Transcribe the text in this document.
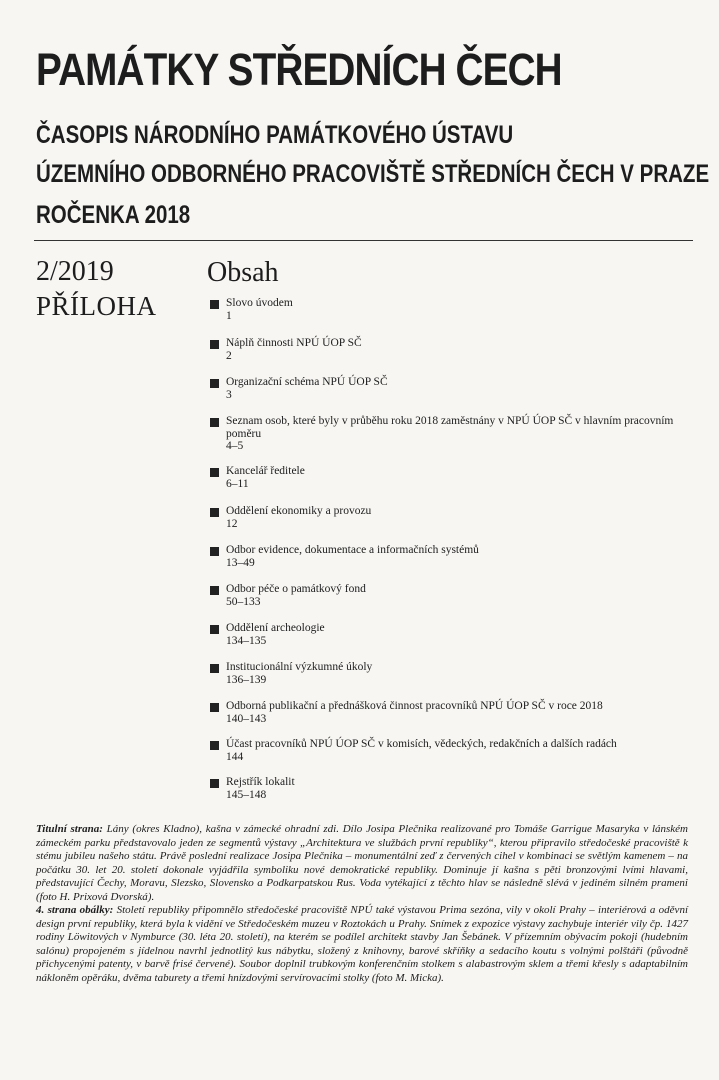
PAMÁTKY STŘEDNÍCH ČECH
ČASOPIS NÁRODNÍHO PAMÁTKOVÉHO ÚSTAVU
ÚZEMNÍHO ODBORNÉHO PRACOVIŠTĚ STŘEDNÍCH ČECH V PRAZE
ROČENKA 2018
2/2019
PŘÍLOHA
Obsah
Slovo úvodem
1
Náplň činnosti NPÚ ÚOP SČ
2
Organizační schéma NPÚ ÚOP SČ
3
Seznam osob, které byly v průběhu roku 2018 zaměstnány v NPÚ ÚOP SČ v hlavním pracovním poměru
4–5
Kancelář ředitele
6–11
Oddělení ekonomiky a provozu
12
Odbor evidence, dokumentace a informačních systémů
13–49
Odbor péče o památkový fond
50–133
Oddělení archeologie
134–135
Institucionální výzkumné úkoly
136–139
Odborná publikační a přednášková činnost pracovníků NPÚ ÚOP SČ v roce 2018
140–143
Účast pracovníků NPÚ ÚOP SČ v komisích, vědeckých, redakčních a dalších radách
144
Rejstřík lokalit
145–148

Titulní strana: Lány (okres Kladno), kašna v zámecké ohradní zdi. Dílo Josipa Plečnika realizované pro Tomáše Garrigue Masaryka v lánském zámeckém parku představovalo jeden ze segmentů výstavy „Architektura ve službách první republiky“, kterou připravilo středočeské pracoviště k stému jubileu našeho státu. Právě poslední realizace Josipa Plečnika – monumentální zeď z červených cihel v kombinaci se světlým kamenem – na počátku 30. let 20. století dokonale vyjádřila symboliku nové demokratické republiky. Dominuje jí kašna s pěti bronzovými lvími hlavami, představující Čechy, Moravu, Slezsko, Slovensko a Podkarpatskou Rus. Voda vytékající z těchto hlav se následně slévá v jediném silném prameni (foto H. Prixová Dvorská).

4. strana obálky: Století republiky připomnělo středočeské pracoviště NPÚ také výstavou Prima sezóna, vily v okolí Prahy – interiérová a oděvní design první republiky, která byla k vidění ve Středočeském muzeu v Roztokách u Prahy. Snímek z expozice výstavy zachybuje interiér vily čp. 1427 rodiny Löwitových v Nymburce (30. léta 20. století), na kterém se podílel architekt stavby Jan Šebánek. V přízemním obývacím pokoji (hudebním salónu) propojeném s jídelnou navrhl jednotlitý kus nábytku, složený z knihovny, barové skříňky a sedacího koutu s volnými polštáři (původně přichycenými patenty, v barvě frisé červené). Soubor doplnil trubkovým konferenčním stolkem s alabastrovým sklem a třemi křesly s adaptabilním nákloněm opěráku, dvěma taburety a třemi hnízdovými servírovacími stolky (foto M. Micka).
